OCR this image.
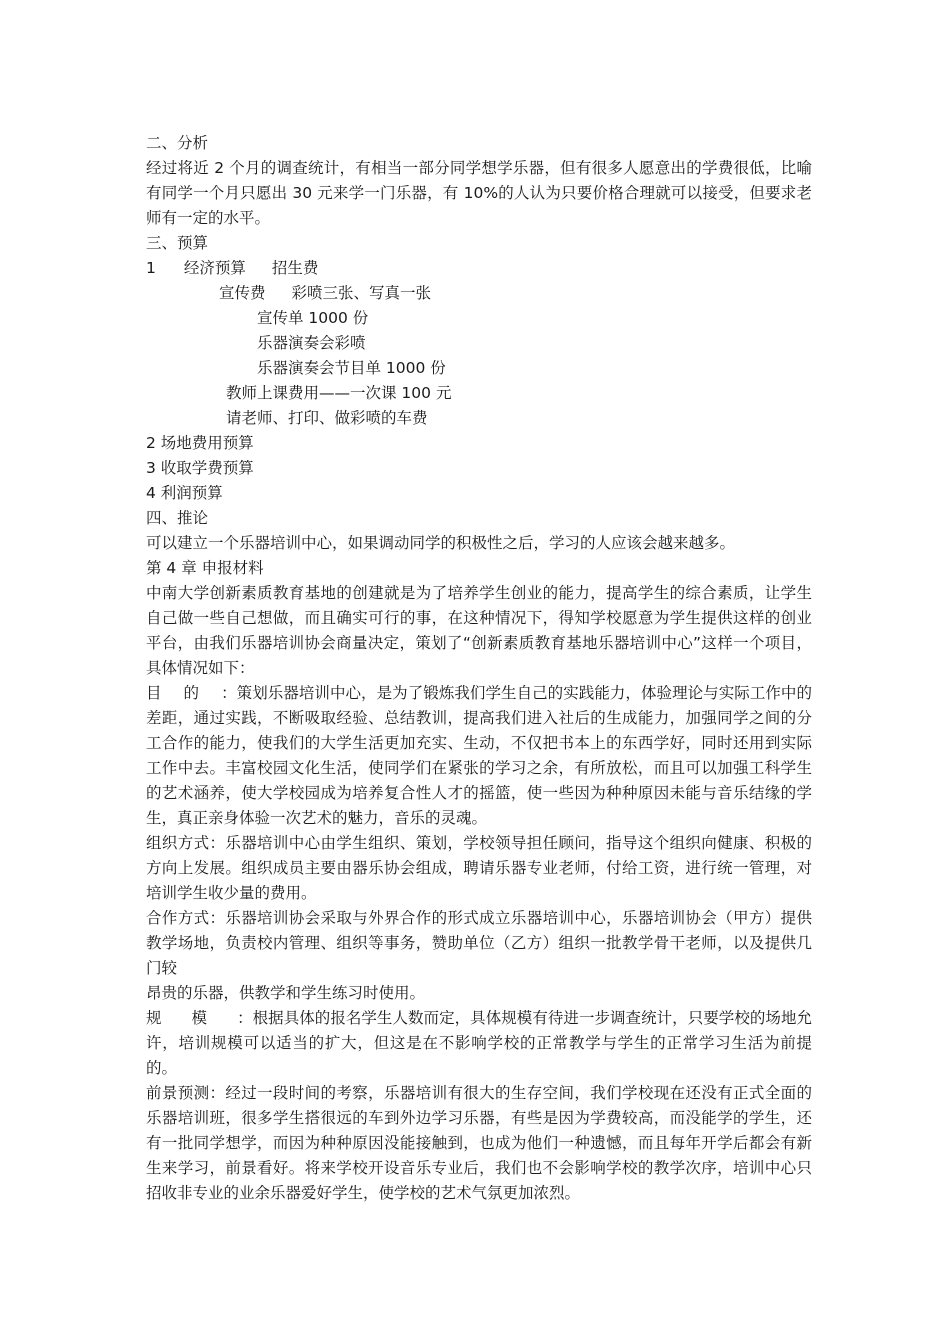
二、分析

经过将近 2 个月的调查统计，有相当一部分同学想学乐器，但有很多人愿意出的学费很低，比喻有同学一个月只愿出 30 元来学一门乐器，有 10%的人认为只要价格合理就可以接受，但要求老师有一定的水平。

三、预算
1 经济预算 招生费
宣传费 彩喷三张、写真一张
宣传单 1000 份
乐器演奏会彩喷
乐器演奏会节目单 1000 份
教师上课费用——一次课 100 元
请老师、打印、做彩喷的车费
2 场地费用预算
3 收取学费预算
4 利润预算
四、推论
可以建立一个乐器培训中心，如果调动同学的积极性之后，学习的人应该会越来越多。
第 4 章 申报材料

中南大学创新素质教育基地的创建就是为了培养学生创业的能力，提高学生的综合素质，让学生自己做一些自己想做，而且确实可行的事，在这种情况下，得知学校愿意为学生提供这样的创业平台，由我们乐器培训协会商量决定，策划了“创新素质教育基地乐器培训中心”这样一个项目，具体情况如下：

目的：策划乐器培训中心，是为了锻炼我们学生自己的实践能力，体验理论与实际工作中的差距，通过实践，不断吸取经验、总结教训，提高我们进入社后的生成能力，加强同学之间的分工合作的能力，使我们的大学生活更加充实、生动，不仅把书本上的东西学好，同时还用到实际工作中去。丰富校园文化生活，使同学们在紧张的学习之余，有所放松，而且可以加强工科学生的艺术涵养，使大学校园成为培养复合性人才的摇篮，使一些因为种种原因未能与音乐结缘的学生，真正亲身体验一次艺术的魅力，音乐的灵魂。

组织方式：乐器培训中心由学生组织、策划，学校领导担任顾问，指导这个组织向健康、积极的方向上发展。组织成员主要由器乐协会组成，聘请乐器专业老师，付给工资，进行统一管理，对培训学生收少量的费用。

合作方式：乐器培训协会采取与外界合作的形式成立乐器培训中心，乐器培训协会（甲方）提供教学场地，负责校内管理、组织等事务，赞助单位（乙方）组织一批教学骨干老师，以及提供几门较

昂贵的乐器，供教学和学生练习时使用。

规模：根据具体的报名学生人数而定，具体规模有待进一步调查统计，只要学校的场地允许，培训规模可以适当的扩大，但这是在不影响学校的正常教学与学生的正常学习生活为前提的。

前景预测：经过一段时间的考察，乐器培训有很大的生存空间，我们学校现在还没有正式全面的乐器培训班，很多学生搭很远的车到外边学习乐器，有些是因为学费较高，而没能学的学生，还有一批同学想学，而因为种种原因没能接触到，也成为他们一种遗憾，而且每年开学后都会有新生来学习，前景看好。将来学校开设音乐专业后，我们也不会影响学校的教学次序，培训中心只招收非专业的业余乐器爱好学生，使学校的艺术气氛更加浓烈。
